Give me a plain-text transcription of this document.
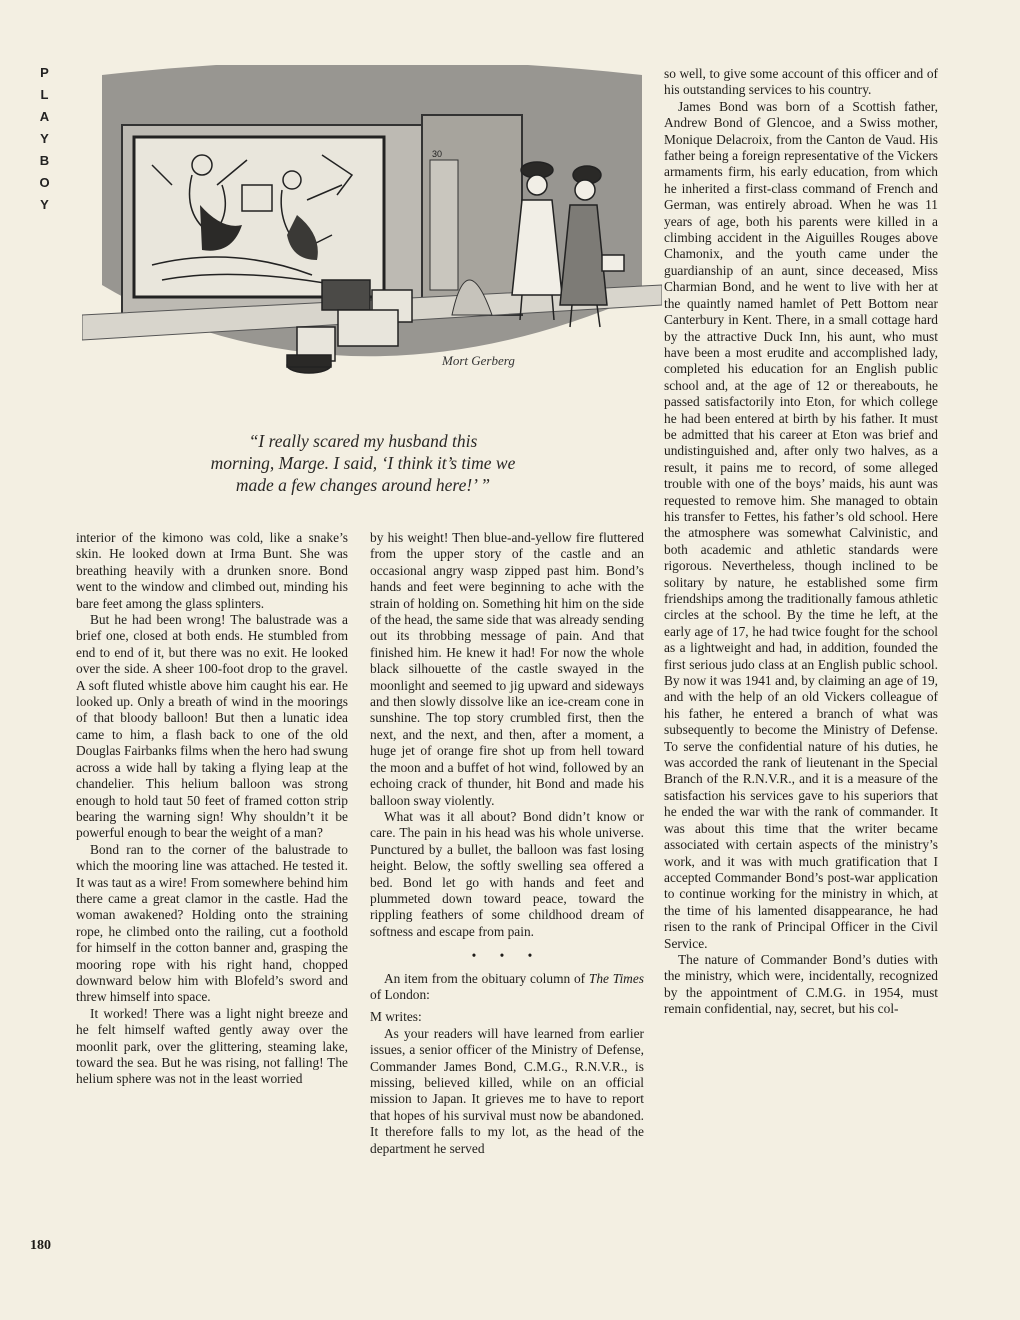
P
L
A
Y
B
O
Y
30
Mort Gerberg

“I really scared my husband this

morning, Marge. I said, ‘I think it’s time we

made a few changes around here!’ ”

interior of the kimono was cold, like a snake’s skin. He looked down at Irma Bunt. She was breathing heavily with a drunken snore. Bond went to the window and climbed out, minding his bare feet among the glass splinters.

But he had been wrong! The balustrade was a brief one, closed at both ends. He stumbled from end to end of it, but there was no exit. He looked over the side. A sheer 100-foot drop to the gravel. A soft fluted whistle above him caught his ear. He looked up. Only a breath of wind in the moorings of that bloody balloon! But then a lunatic idea came to him, a flash back to one of the old Douglas Fairbanks films when the hero had swung across a wide hall by taking a flying leap at the chandelier. This helium balloon was strong enough to hold taut 50 feet of framed cotton strip bearing the warning sign! Why shouldn’t it be powerful enough to bear the weight of a man?

Bond ran to the corner of the balustrade to which the mooring line was attached. He tested it. It was taut as a wire! From somewhere behind him there came a great clamor in the castle. Had the woman awakened? Holding onto the straining rope, he climbed onto the railing, cut a foothold for himself in the cotton banner and, grasping the mooring rope with his right hand, chopped downward below him with Blofeld’s sword and threw himself into space.

It worked! There was a light night breeze and he felt himself wafted gently away over the moonlit park, over the glittering, steaming lake, toward the sea. But he was rising, not falling! The helium sphere was not in the least worried

by his weight! Then blue-and-yellow fire fluttered from the upper story of the castle and an occasional angry wasp zipped past him. Bond’s hands and feet were beginning to ache with the strain of holding on. Something hit him on the side of the head, the same side that was already sending out its throbbing message of pain. And that finished him. He knew it had! For now the whole black silhouette of the castle swayed in the moonlight and seemed to jig upward and sideways and then slowly dissolve like an ice-cream cone in sunshine. The top story crumbled first, then the next, and the next, and then, after a moment, a huge jet of orange fire shot up from hell toward the moon and a buffet of hot wind, followed by an echoing crack of thunder, hit Bond and made his balloon sway violently.

What was it all about? Bond didn’t know or care. The pain in his head was his whole universe. Punctured by a bullet, the balloon was fast losing height. Below, the softly swelling sea offered a bed. Bond let go with hands and feet and plummeted down toward peace, toward the rippling feathers of some childhood dream of softness and escape from pain.

• • •

An item from the obituary column of The Times of London:

M writes:

As your readers will have learned from earlier issues, a senior officer of the Ministry of Defense, Commander James Bond, C.M.G., R.N.V.R., is missing, believed killed, while on an official mission to Japan. It grieves me to have to report that hopes of his survival must now be abandoned. It therefore falls to my lot, as the head of the department he served

so well, to give some account of this officer and of his outstanding services to his country.

James Bond was born of a Scottish father, Andrew Bond of Glencoe, and a Swiss mother, Monique Delacroix, from the Canton de Vaud. His father being a foreign representative of the Vickers armaments firm, his early education, from which he inherited a first-class command of French and German, was entirely abroad. When he was 11 years of age, both his parents were killed in a climbing accident in the Aiguilles Rouges above Chamonix, and the youth came under the guardianship of an aunt, since deceased, Miss Charmian Bond, and he went to live with her at the quaintly named hamlet of Pett Bottom near Canterbury in Kent. There, in a small cottage hard by the attractive Duck Inn, his aunt, who must have been a most erudite and accomplished lady, completed his education for an English public school and, at the age of 12 or thereabouts, he passed satisfactorily into Eton, for which college he had been entered at birth by his father. It must be admitted that his career at Eton was brief and undistinguished and, after only two halves, as a result, it pains me to record, of some alleged trouble with one of the boys’ maids, his aunt was requested to remove him. She managed to obtain his transfer to Fettes, his father’s old school. Here the atmosphere was somewhat Calvinistic, and both academic and athletic standards were rigorous. Nevertheless, though inclined to be solitary by nature, he established some firm friendships among the traditionally famous athletic circles at the school. By the time he left, at the early age of 17, he had twice fought for the school as a lightweight and had, in addition, founded the first serious judo class at an English public school. By now it was 1941 and, by claiming an age of 19, and with the help of an old Vickers colleague of his father, he entered a branch of what was subsequently to become the Ministry of Defense. To serve the confidential nature of his duties, he was accorded the rank of lieutenant in the Special Branch of the R.N.V.R., and it is a measure of the satisfaction his services gave to his superiors that he ended the war with the rank of commander. It was about this time that the writer became associated with certain aspects of the ministry’s work, and it was with much gratification that I accepted Commander Bond’s post-war application to continue working for the ministry in which, at the time of his lamented disappearance, he had risen to the rank of Principal Officer in the Civil Service.

The nature of Commander Bond’s duties with the ministry, which were, incidentally, recognized by the appointment of C.M.G. in 1954, must remain confidential, nay, secret, but his col-

180
